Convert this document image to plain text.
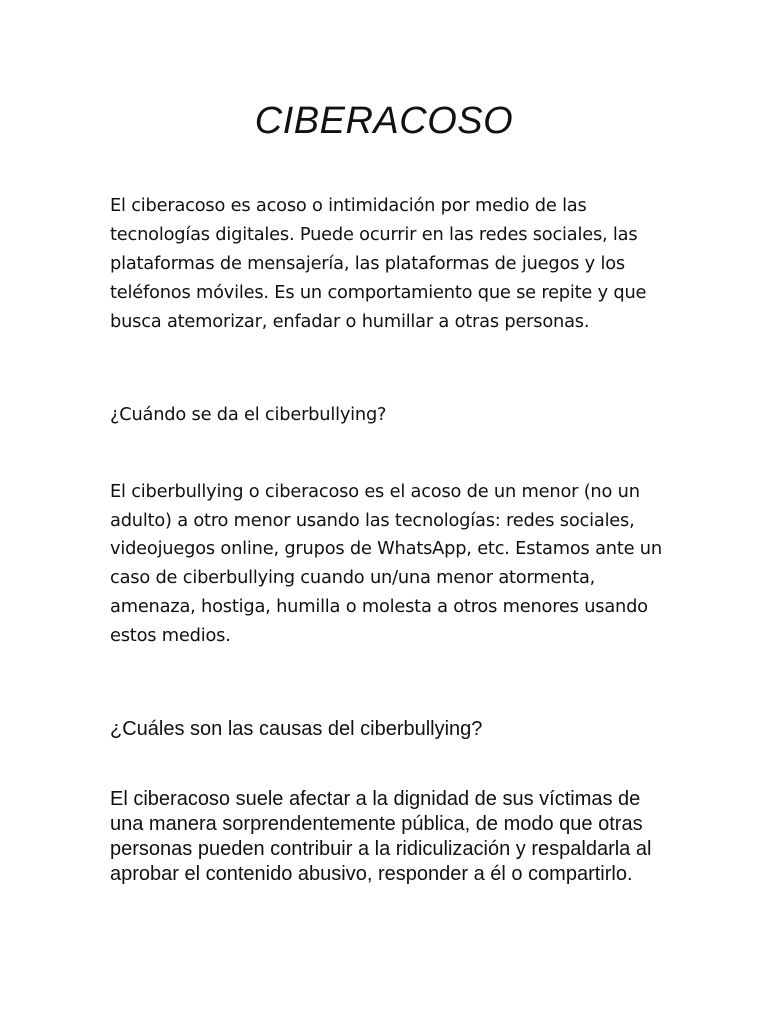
CIBERACOSO

El ciberacoso es acoso o intimidación por medio de las tecnologías digitales. Puede ocurrir en las redes sociales, las plataformas de mensajería, las plataformas de juegos y los teléfonos móviles. Es un comportamiento que se repite y que busca atemorizar, enfadar o humillar a otras personas.

¿Cuándo se da el ciberbullying?

El ciberbullying o ciberacoso es el acoso de un menor (no un adulto) a otro menor usando las tecnologías: redes sociales, videojuegos online, grupos de WhatsApp, etc. Estamos ante un caso de ciberbullying cuando un/una menor atormenta, amenaza, hostiga, humilla o molesta a otros menores usando estos medios.

¿Cuáles son las causas del ciberbullying?

El ciberacoso suele afectar a la dignidad de sus víctimas de una manera sorprendentemente pública, de modo que otras personas pueden contribuir a la ridiculización y respaldarla al aprobar el contenido abusivo, responder a él o compartirlo.
